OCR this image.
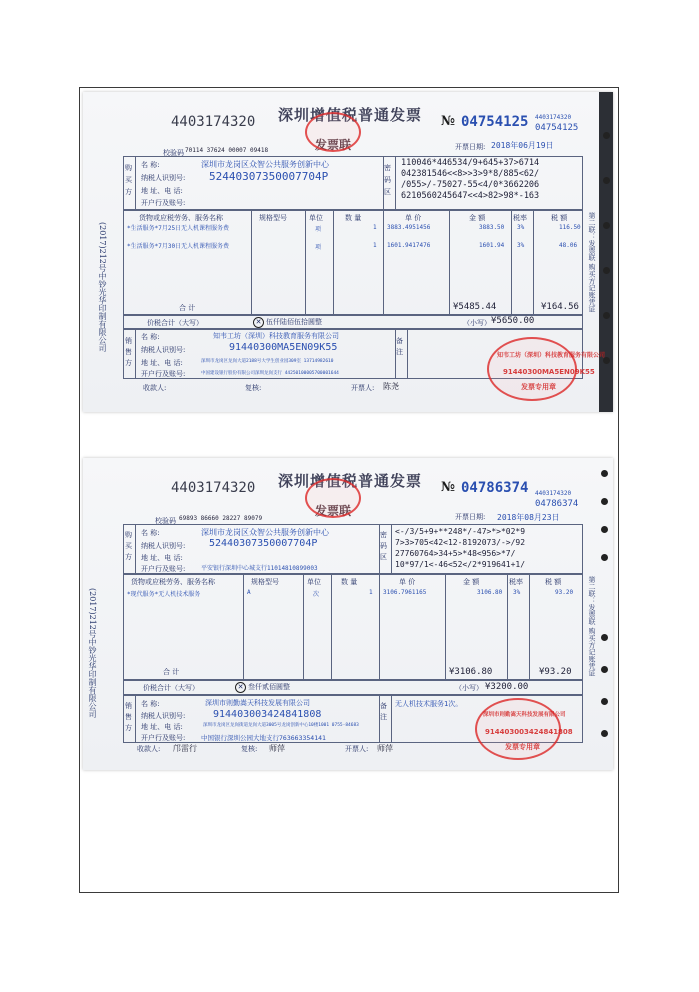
4403174320 深圳增值税普通发票
发票联
№ 04754125 4403174320
04754125
开票日期: 2018年06月19日
校验码 70114 37624 00007 09418
购买方
密码区
名 称:	深圳市龙岗区众智公共服务创新中心
纳税人识别号: 52440307350007704P
地 址、电 话:
开户行及账号:
110046*446534/9+645+37>6714
042381546<<8>>3>9*8/885<62/
/055>/-75027-55<4/0*3662206
6210560245647<<4>82>98*-163
货物或应税劳务、服务名称	规格型号	单位	数 量	单 价	金 额	税率	税 额
*生活服务*7月25日无人机课程服务费	项	1 3883.4951456	3883.50 3%	116.50
*生活服务*7月30日无人机课程服务费	项	1 1601.9417476	1601.94 3%	48.06
合 计	¥5485.44	¥164.56
价税合计（大写）	✕ 伍仟陆佰伍拾圆整	（小写） ¥5650.00
销售方
备注
名 称:	知韦工坊（深圳）科技教育服务有限公司
纳税人识别号:	91440300MA5EN09K55
地 址、电 话:	深圳市龙岗区龙岗大道2188号大学生创业园309室 13714982610
开户行及账号:	中国建设银行股份有限公司深圳龙岗支行 44250100005700001644
收款人:	复核:	开票人: 陈尧
(2017)212号中钞光华印制有限公司	第二联：发票联 购买方记账凭证
知韦工坊（深圳）科技教育服务有限公司
91440300MA5EN09K55
发票专用章
4403174320 深圳增值税普通发票
发票联
№ 04786374 4403174320
04786374
开票日期: 2018年08月23日
校验码 69893 86660 28227 89079
购买方
密码区
名 称:	深圳市龙岗区众智公共服务创新中心
纳税人识别号: 52440307350007704P
地 址、电 话:
开户行及账号:	平安银行深圳中心城支行11014810899003
<-/3/5+9+**248*/-47>*>*02*9
7>3>705<42<12-8192073/->/92
27760764>34+5>*48<956>*7/
10*97/1<-46<52</2*919641+1/
货物或应税劳务、服务名称	规格型号	单位	数 量	单 价	金 额	税率	税 额
*现代服务*无人机技术服务	A	次	1 3106.7961165	3106.80 3%	93.20
合 计	¥3106.80	¥93.20
价税合计（大写）	✕ 叁仟贰佰圆整	（小写） ¥3200.00
销售方
备注
无人机技术服务1次。
名 称:	深圳市则勤嵩天科技发展有限公司
纳税人识别号:	914403003424841808
地 址、电 话:	深圳市龙岗区龙岗街道龙岗大道3005号龙岗创新中心10楼1001 0755-84683
开户行及账号: 中国银行深圳公园大地支行763663354141
收款人: 邝雷行	复核: 师萍	开票人: 师萍
(2017)212号中钞光华印制有限公司	第二联：发票联 购买方记账凭证
深圳市则勤嵩天科技发展有限公司
914403003424841808
发票专用章
